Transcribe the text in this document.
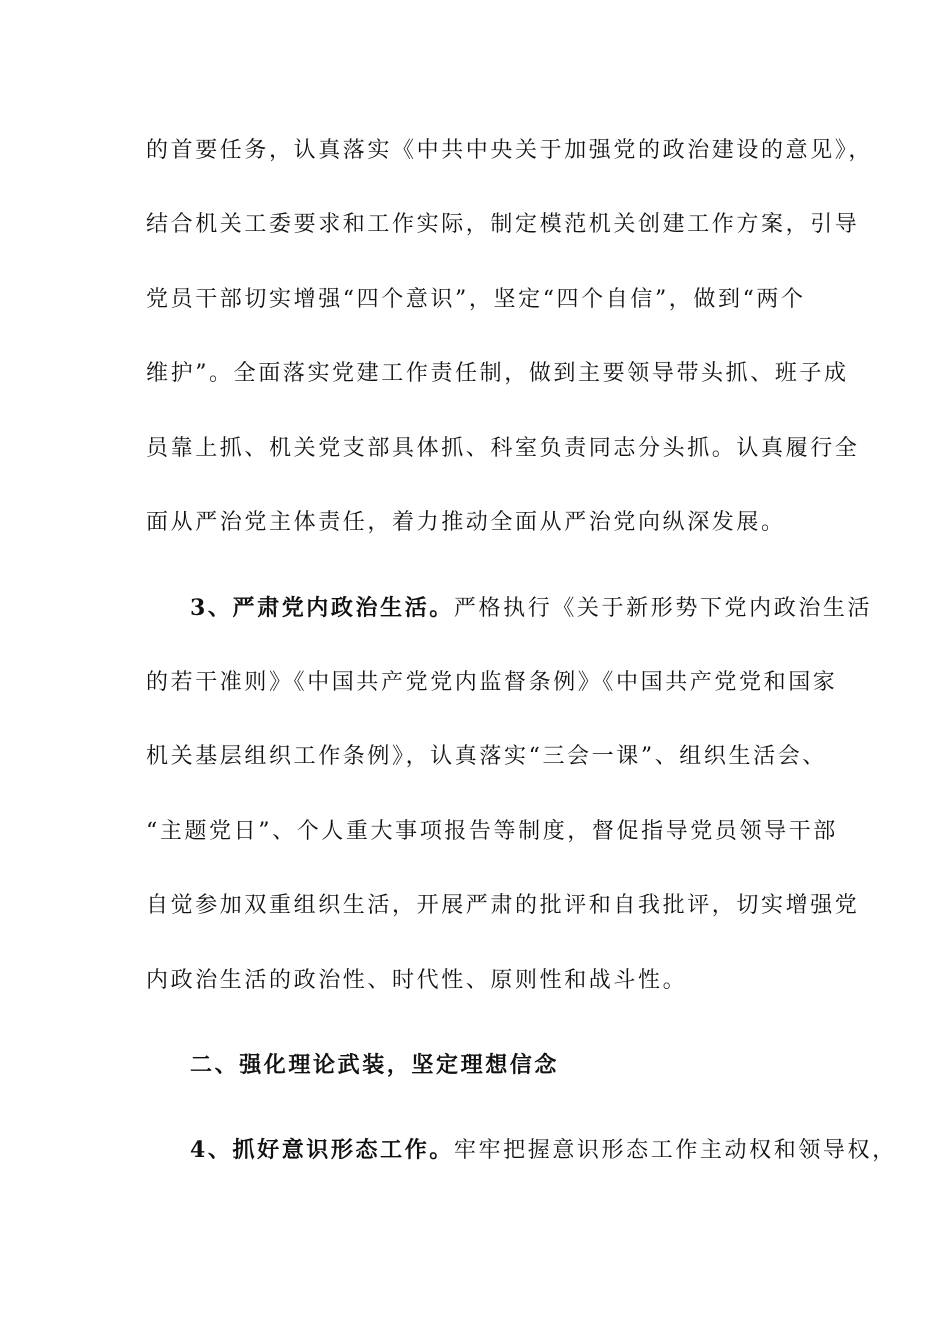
的首要任务，认真落实《中共中央关于加强党的政治建设的意见》，
结合机关工委要求和工作实际，制定模范机关创建工作方案，引导
党员干部切实增强“四个意识”，坚定“四个自信”，做到“两个
维护”。全面落实党建工作责任制，做到主要领导带头抓、班子成
员靠上抓、机关党支部具体抓、科室负责同志分头抓。认真履行全
面从严治党主体责任，着力推动全面从严治党向纵深发展。
3、严肃党内政治生活。严格执行《关于新形势下党内政治生活
的若干准则》《中国共产党党内监督条例》《中国共产党党和国家
机关基层组织工作条例》，认真落实“三会一课”、组织生活会、
“主题党日”、个人重大事项报告等制度，督促指导党员领导干部
自觉参加双重组织生活，开展严肃的批评和自我批评，切实增强党
内政治生活的政治性、时代性、原则性和战斗性。
二、强化理论武装，坚定理想信念
4、抓好意识形态工作。牢牢把握意识形态工作主动权和领导权，
